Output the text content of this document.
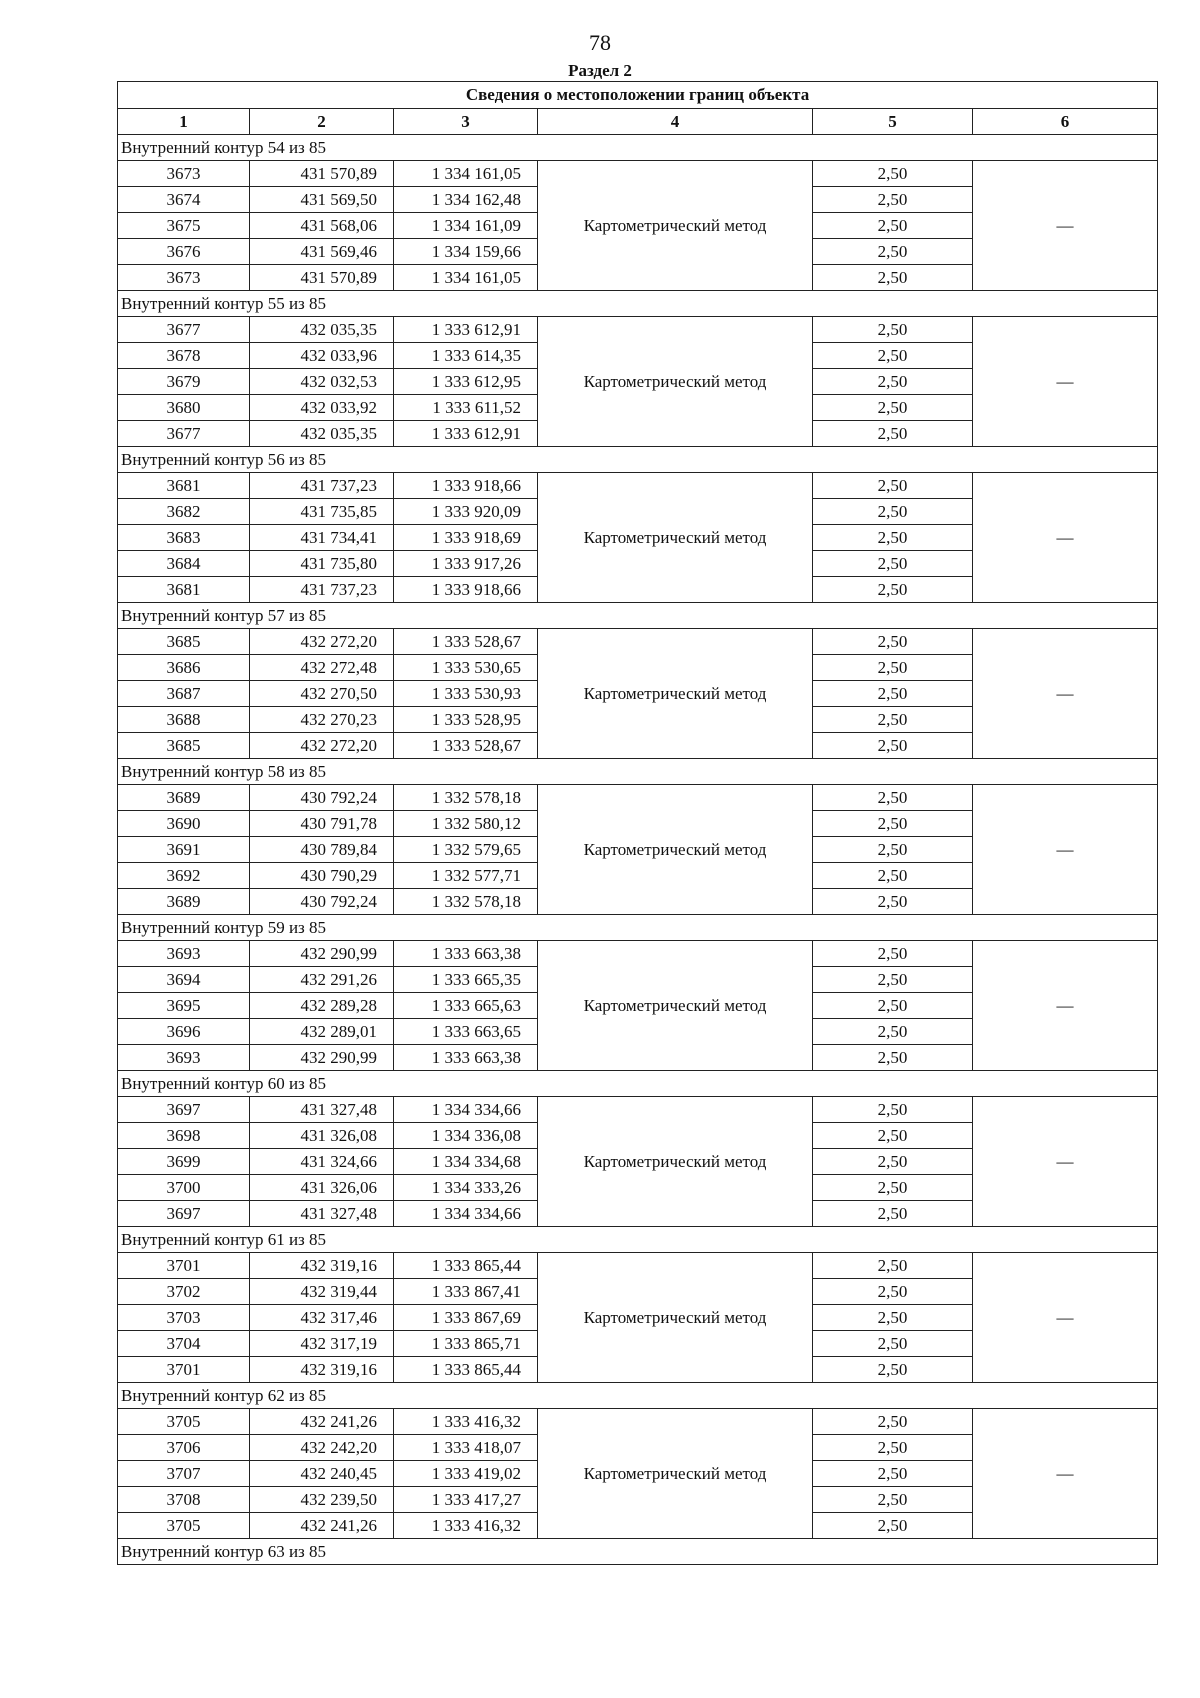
78
Раздел 2
Сведения о местоположении границ объекта					
1	2	3	4	5	6
Внутренний контур 54 из 85					
3673	431 570,89	1 334 161,05	Картометрический метод	2,50	—
3674	431 569,50	1 334 162,48		2,50	
3675	431 568,06	1 334 161,09		2,50	
3676	431 569,46	1 334 159,66		2,50	
3673	431 570,89	1 334 161,05		2,50	
Внутренний контур 55 из 85					
3677	432 035,35	1 333 612,91	Картометрический метод	2,50	—
3678	432 033,96	1 333 614,35		2,50	
3679	432 032,53	1 333 612,95		2,50	
3680	432 033,92	1 333 611,52		2,50	
3677	432 035,35	1 333 612,91		2,50	
Внутренний контур 56 из 85					
3681	431 737,23	1 333 918,66	Картометрический метод	2,50	—
3682	431 735,85	1 333 920,09		2,50	
3683	431 734,41	1 333 918,69		2,50	
3684	431 735,80	1 333 917,26		2,50	
3681	431 737,23	1 333 918,66		2,50	
Внутренний контур 57 из 85					
3685	432 272,20	1 333 528,67	Картометрический метод	2,50	—
3686	432 272,48	1 333 530,65		2,50	
3687	432 270,50	1 333 530,93		2,50	
3688	432 270,23	1 333 528,95		2,50	
3685	432 272,20	1 333 528,67		2,50	
Внутренний контур 58 из 85					
3689	430 792,24	1 332 578,18	Картометрический метод	2,50	—
3690	430 791,78	1 332 580,12		2,50	
3691	430 789,84	1 332 579,65		2,50	
3692	430 790,29	1 332 577,71		2,50	
3689	430 792,24	1 332 578,18		2,50	
Внутренний контур 59 из 85					
3693	432 290,99	1 333 663,38	Картометрический метод	2,50	—
3694	432 291,26	1 333 665,35		2,50	
3695	432 289,28	1 333 665,63		2,50	
3696	432 289,01	1 333 663,65		2,50	
3693	432 290,99	1 333 663,38		2,50	
Внутренний контур 60 из 85					
3697	431 327,48	1 334 334,66	Картометрический метод	2,50	—
3698	431 326,08	1 334 336,08		2,50	
3699	431 324,66	1 334 334,68		2,50	
3700	431 326,06	1 334 333,26		2,50	
3697	431 327,48	1 334 334,66		2,50	
Внутренний контур 61 из 85					
3701	432 319,16	1 333 865,44	Картометрический метод	2,50	—
3702	432 319,44	1 333 867,41		2,50	
3703	432 317,46	1 333 867,69		2,50	
3704	432 317,19	1 333 865,71		2,50	
3701	432 319,16	1 333 865,44		2,50	
Внутренний контур 62 из 85					
3705	432 241,26	1 333 416,32	Картометрический метод	2,50	—
3706	432 242,20	1 333 418,07		2,50	
3707	432 240,45	1 333 419,02		2,50	
3708	432 239,50	1 333 417,27		2,50	
3705	432 241,26	1 333 416,32		2,50	
Внутренний контур 63 из 85					
